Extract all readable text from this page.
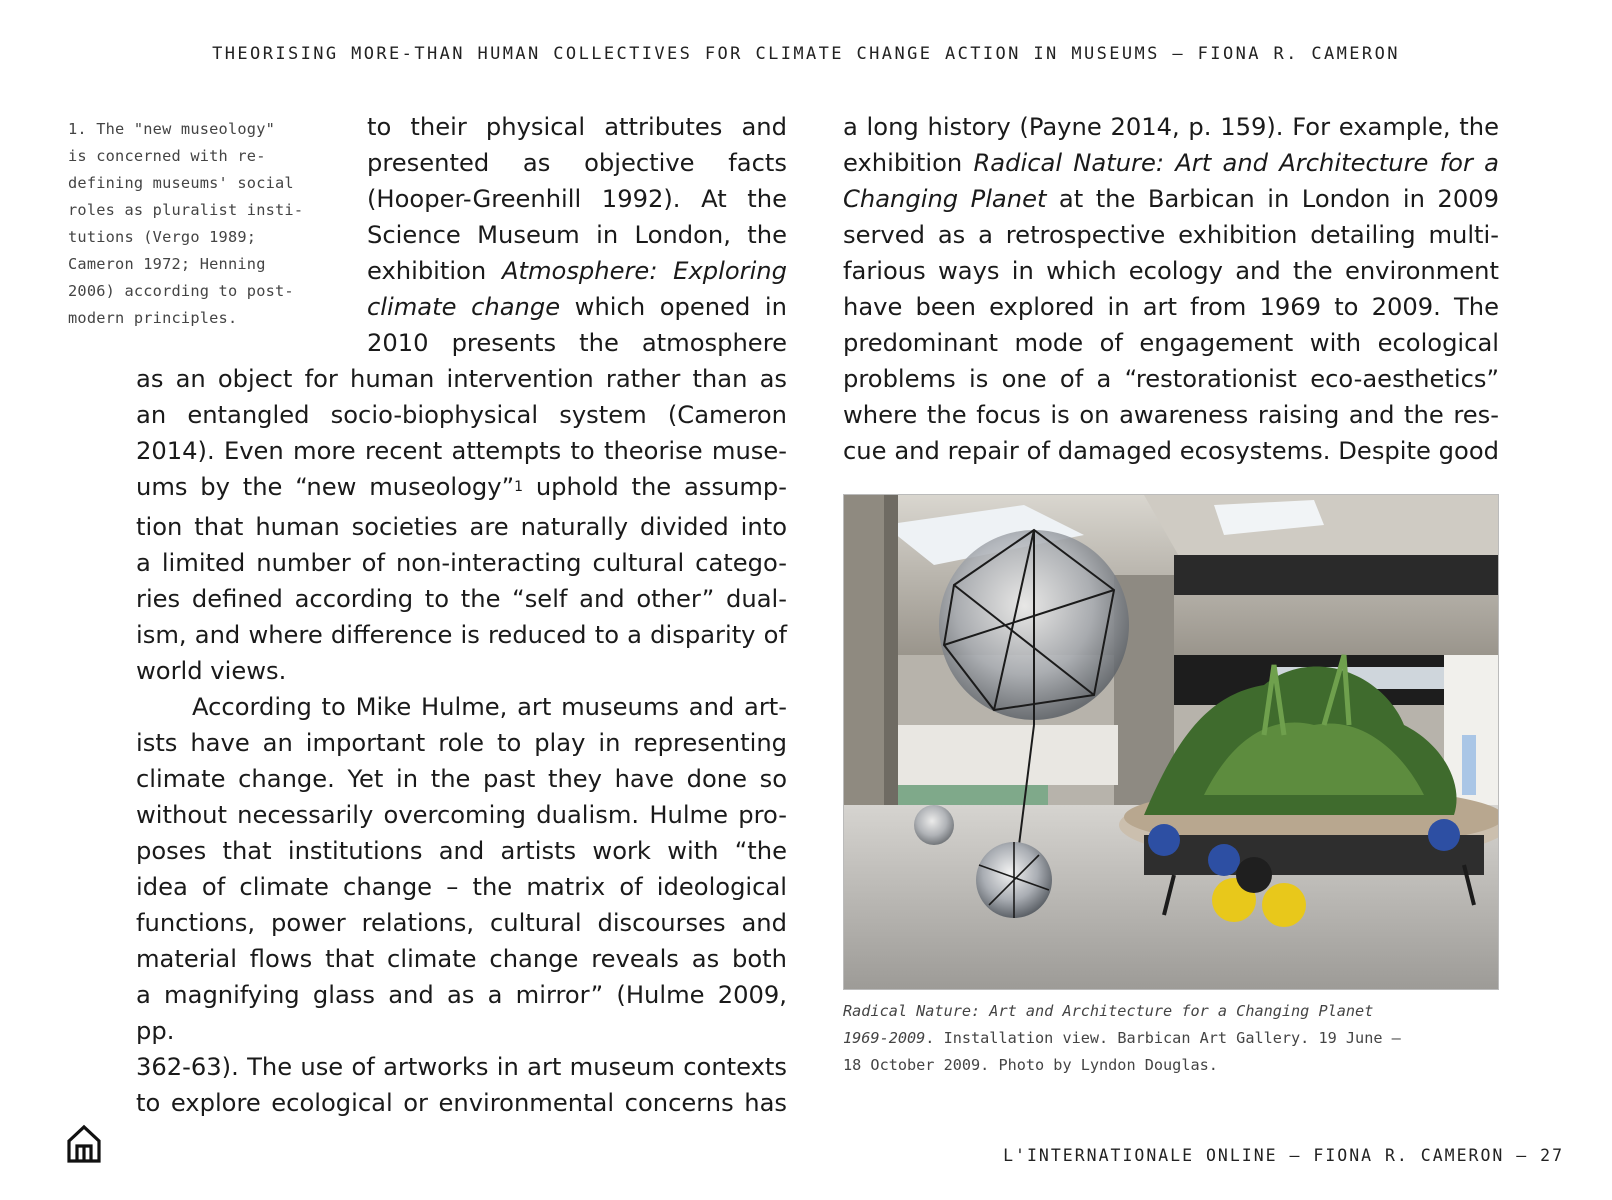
THEORISING MORE-THAN HUMAN COLLECTIVES FOR CLIMATE CHANGE ACTION IN MUSEUMS – FIONA R. CAMERON
1. The "new museology"
is concerned with re-
defining museums' social
roles as pluralist insti-
tutions (Vergo 1989;
Cameron 1972; Henning
2006) according to post-
modern principles.
to their physical attributes and
presented as objective facts
(Hooper-Greenhill 1992). At the
Science Museum in London, the
exhibition Atmosphere: Exploring
climate change which opened in
2010 presents the atmosphere
as an object for human intervention rather than as
an entangled socio-biophysical system (Cameron
2014). Even more recent attempts to theorise muse-
ums by the “new museology”$^1$ uphold the assump-
tion that human societies are naturally divided into
a limited number of non-interacting cultural catego-
ries defined according to the “self and other” dual-
ism, and where difference is reduced to a disparity of
world views.
According to Mike Hulme, art museums and art-
ists have an important role to play in representing
climate change. Yet in the past they have done so
without necessarily overcoming dualism. Hulme pro-
poses that institutions and artists work with “the
idea of climate change – the matrix of ideological
functions, power relations, cultural discourses and
material flows that climate change reveals as both
a magnifying glass and as a mirror” (Hulme 2009, pp.
362-63). The use of artworks in art museum contexts
to explore ecological or environmental concerns has
a long history (Payne 2014, p. 159). For example, the
exhibition Radical Nature: Art and Architecture for a
Changing Planet at the Barbican in London in 2009
served as a retrospective exhibition detailing multi-
farious ways in which ecology and the environment
have been explored in art from 1969 to 2009. The
predominant mode of engagement with ecological
problems is one of a “restorationist eco-aesthetics”
where the focus is on awareness raising and the res-
cue and repair of damaged ecosystems. Despite good
Radical Nature: Art and Architecture for a Changing Planet
1969-2009. Installation view. Barbican Art Gallery. 19 June –
18 October 2009. Photo by Lyndon Douglas.
L'INTERNATIONALE ONLINE – FIONA R. CAMERON – 27
